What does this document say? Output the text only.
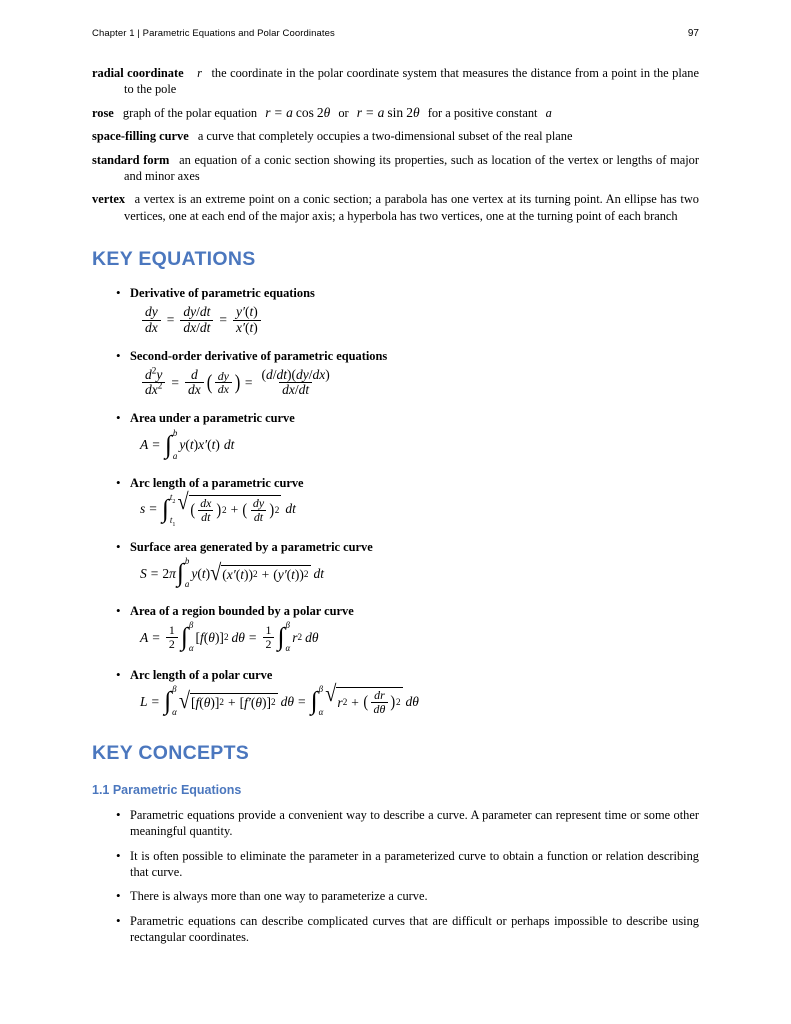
Chapter 1 | Parametric Equations and Polar Coordinates	97
radial coordinate r the coordinate in the polar coordinate system that measures the distance from a point in the plane to the pole
rose graph of the polar equation r = a cos 2 θ or r = a sin 2 θ for a positive constant a
space-filling curve a curve that completely occupies a two-dimensional subset of the real plane
standard form an equation of a conic section showing its properties, such as location of the vertex or lengths of major and minor axes
vertex a vertex is an extreme point on a conic section; a parabola has one vertex at its turning point. An ellipse has two vertices, one at each end of the major axis; a hyperbola has two vertices, one at the turning point of each branch
KEY EQUATIONS
• Derivative of parametric equations
$\frac{dy}{dx} = \frac{dy/dt}{dx/dt} = \frac{y'(t)}{x'(t)}$
• Second-order derivative of parametric equations
$\frac{d^2y}{dx^2} = \frac{d}{dx}$ ( $\frac{dy}{dx}$ ) = $\frac{(d/dt)(dy/dx)}{dx/dt}$
• Area under a parametric curve
A = ∫ b
a
y ( t ) x′ ( t ) dt
• Arc length of a parametric curve
s = ∫ $t_2$
$t_1$
√ ( $\frac{dx}{dt}$ ) 2 + ( $\frac{dy}{dt}$ ) 2 dt
• Surface area generated by a parametric curve
S = 2 π ∫ b
a
y ( t ) √ ( x′ ( t )) 2 + ( y′ ( t )) 2 dt
• Area of a region bounded by a polar curve
$A = \frac{1}{2}$ ∫ β
α
[ f ( θ )] 2 $d\theta = \frac{1}{2}$ ∫ β
α
r 2 dθ
• Arc length of a polar curve
L = ∫ β
α √ [ f ( θ )] 2 + [ f′ ( θ )] 2 dθ = ∫ β
α
√ r 2 + ( $\frac{dr}{d\theta}$ ) 2 dθ
KEY CONCEPTS
1.1 Parametric Equations
• Parametric equations provide a convenient way to describe a curve. A parameter can represent time or some other meaningful quantity.
• It is often possible to eliminate the parameter in a parameterized curve to obtain a function or relation describing that curve.
• There is always more than one way to parameterize a curve.
• Parametric equations can describe complicated curves that are difficult or perhaps impossible to describe using rectangular coordinates.
